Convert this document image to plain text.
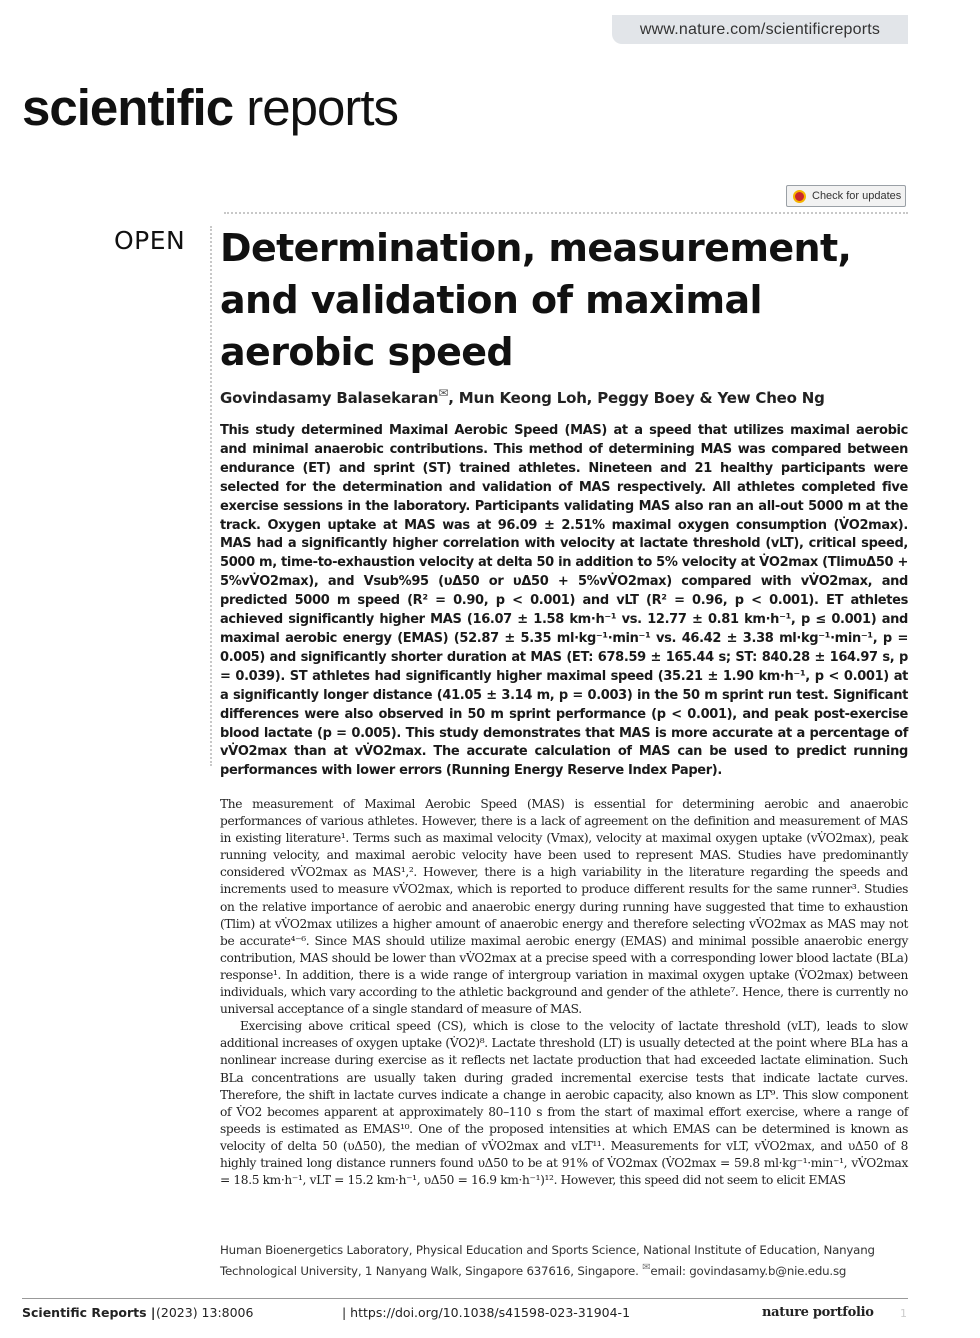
www.nature.com/scientificreports
scientific reports
Check for updates
OPEN Determination, measurement, and validation of maximal aerobic speed
Govindasamy Balasekaran✉, Mun Keong Loh, Peggy Boey & Yew Cheo Ng

This study determined Maximal Aerobic Speed (MAS) at a speed that utilizes maximal aerobic and minimal anaerobic contributions. This method of determining MAS was compared between endurance (ET) and sprint (ST) trained athletes. Nineteen and 21 healthy participants were selected for the determination and validation of MAS respectively. All athletes completed five exercise sessions in the laboratory. Participants validating MAS also ran an all-out 5000 m at the track. Oxygen uptake at MAS was at 96.09 ± 2.51% maximal oxygen consumption (V̇O2max). MAS had a significantly higher correlation with velocity at lactate threshold (vLT), critical speed, 5000 m, time-to-exhaustion velocity at delta 50 in addition to 5% velocity at V̇O2max (TlimυΔ50 + 5%vV̇O2max), and Vsub%95 (υΔ50 or υΔ50 + 5%vV̇O2max) compared with vV̇O2max, and predicted 5000 m speed (R² = 0.90, p < 0.001) and vLT (R² = 0.96, p < 0.001). ET athletes achieved significantly higher MAS (16.07 ± 1.58 km·h⁻¹ vs. 12.77 ± 0.81 km·h⁻¹, p ≤ 0.001) and maximal aerobic energy (EMAS) (52.87 ± 5.35 ml·kg⁻¹·min⁻¹ vs. 46.42 ± 3.38 ml·kg⁻¹·min⁻¹, p = 0.005) and significantly shorter duration at MAS (ET: 678.59 ± 165.44 s; ST: 840.28 ± 164.97 s, p = 0.039). ST athletes had significantly higher maximal speed (35.21 ± 1.90 km·h⁻¹, p < 0.001) at a significantly longer distance (41.05 ± 3.14 m, p = 0.003) in the 50 m sprint run test. Significant differences were also observed in 50 m sprint performance (p < 0.001), and peak post-exercise blood lactate (p = 0.005). This study demonstrates that MAS is more accurate at a percentage of vV̇O2max than at vV̇O2max. The accurate calculation of MAS can be used to predict running performances with lower errors (Running Energy Reserve Index Paper).

The measurement of Maximal Aerobic Speed (MAS) is essential for determining aerobic and anaerobic performances of various athletes. However, there is a lack of agreement on the definition and measurement of MAS in existing literature¹. Terms such as maximal velocity (Vmax), velocity at maximal oxygen uptake (vV̇O2max), peak running velocity, and maximal aerobic velocity have been used to represent MAS. Studies have predominantly considered vV̇O2max as MAS¹,². However, there is a high variability in the literature regarding the speeds and increments used to measure vV̇O2max, which is reported to produce different results for the same runner³. Studies on the relative importance of aerobic and anaerobic energy during running have suggested that time to exhaustion (Tlim) at vV̇O2max utilizes a higher amount of anaerobic energy and therefore selecting vV̇O2max as MAS may not be accurate⁴⁻⁶. Since MAS should utilize maximal aerobic energy (EMAS) and minimal possible anaerobic energy contribution, MAS should be lower than vV̇O2max at a precise speed with a corresponding lower blood lactate (BLa) response¹. In addition, there is a wide range of intergroup variation in maximal oxygen uptake (V̇O2max) between individuals, which vary according to the athletic background and gender of the athlete⁷. Hence, there is currently no universal acceptance of a single standard of measure of MAS.

Exercising above critical speed (CS), which is close to the velocity of lactate threshold (vLT), leads to slow additional increases of oxygen uptake (V̇O2)⁸. Lactate threshold (LT) is usually detected at the point where BLa has a nonlinear increase during exercise as it reflects net lactate production that had exceeded lactate elimination. Such BLa concentrations are usually taken during graded incremental exercise tests that indicate lactate curves. Therefore, the shift in lactate curves indicate a change in aerobic capacity, also known as LT⁹. This slow component of V̇O2 becomes apparent at approximately 80–110 s from the start of maximal effort exercise, where a range of speeds is estimated as EMAS¹⁰. One of the proposed intensities at which EMAS can be determined is known as velocity of delta 50 (υΔ50), the median of vV̇O2max and vLT¹¹. Measurements for vLT, vV̇O2max, and υΔ50 of 8 highly trained long distance runners found υΔ50 to be at 91% of V̇O2max (V̇O2max = 59.8 ml·kg⁻¹·min⁻¹, vV̇O2max = 18.5 km·h⁻¹, vLT = 15.2 km·h⁻¹, υΔ50 = 16.9 km·h⁻¹)¹². However, this speed did not seem to elicit EMAS

Human Bioenergetics Laboratory, Physical Education and Sports Science, National Institute of Education, Nanyang Technological University, 1 Nanyang Walk, Singapore 637616, Singapore. ✉email: govindasamy.b@nie.edu.sg
Scientific Reports | (2023) 13:8006	| https://doi.org/10.1038/s41598-023-31904-1	nature portfolio 1
